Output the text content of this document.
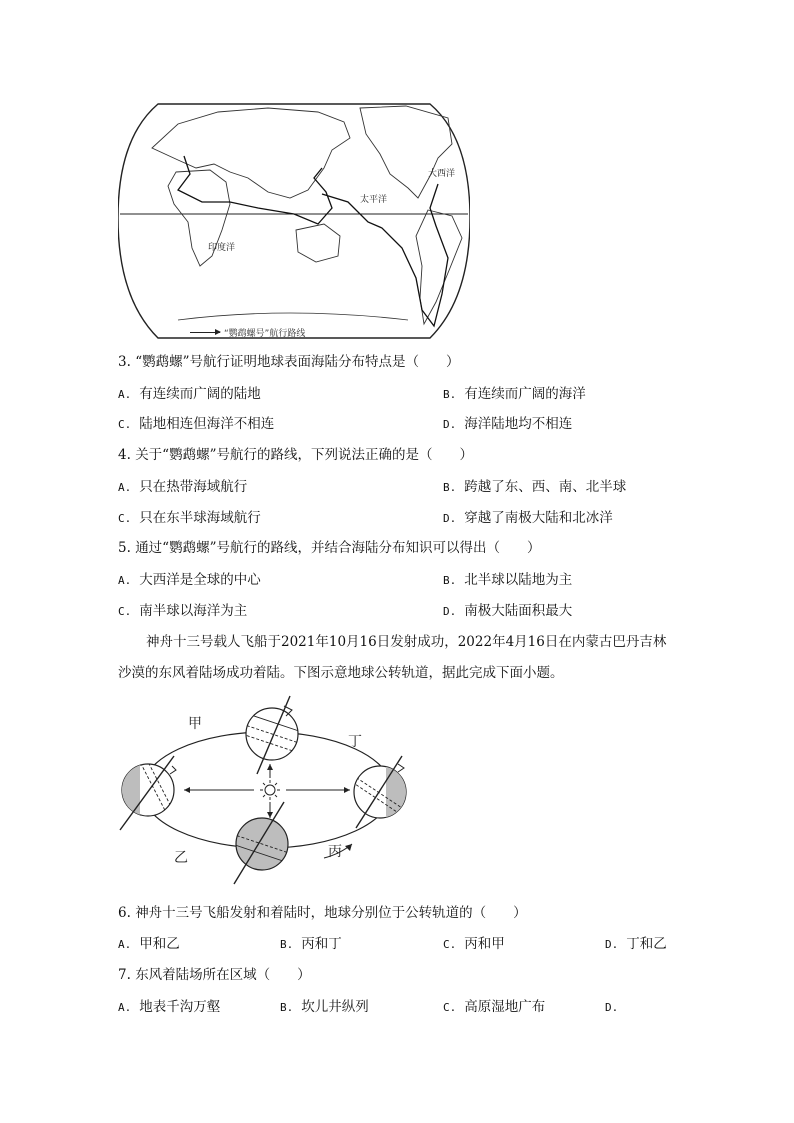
大西洋
太平洋
印度洋
“鹦鹉螺号”航行路线
3. “鹦鹉螺”号航行证明地球表面海陆分布特点是（　　）
A. 有连续而广阔的陆地	B. 有连续而广阔的海洋
C. 陆地相连但海洋不相连	D. 海洋陆地均不相连
4. 关于“鹦鹉螺”号航行的路线，下列说法正确的是（　　）
A. 只在热带海域航行	B. 跨越了东、西、南、北半球
C. 只在东半球海域航行	D. 穿越了南极大陆和北冰洋
5. 通过“鹦鹉螺”号航行的路线，并结合海陆分布知识可以得出（　　）
A. 大西洋是全球的中心	B. 北半球以陆地为主
C. 南半球以海洋为主	D. 南极大陆面积最大
神舟十三号载人飞船于2021年10月16日发射成功，2022年4月16日在内蒙古巴丹吉林沙漠的东风着陆场成功着陆。下图示意地球公转轨道，据此完成下面小题。
甲
乙	丙
丁
6. 神舟十三号飞船发射和着陆时，地球分别位于公转轨道的（　　）
A. 甲和乙	B. 丙和丁	C. 丙和甲	D. 丁和乙
7. 东风着陆场所在区域（　　）
A. 地表千沟万壑	B. 坎儿井纵列	C. 高原湿地广布	D.
